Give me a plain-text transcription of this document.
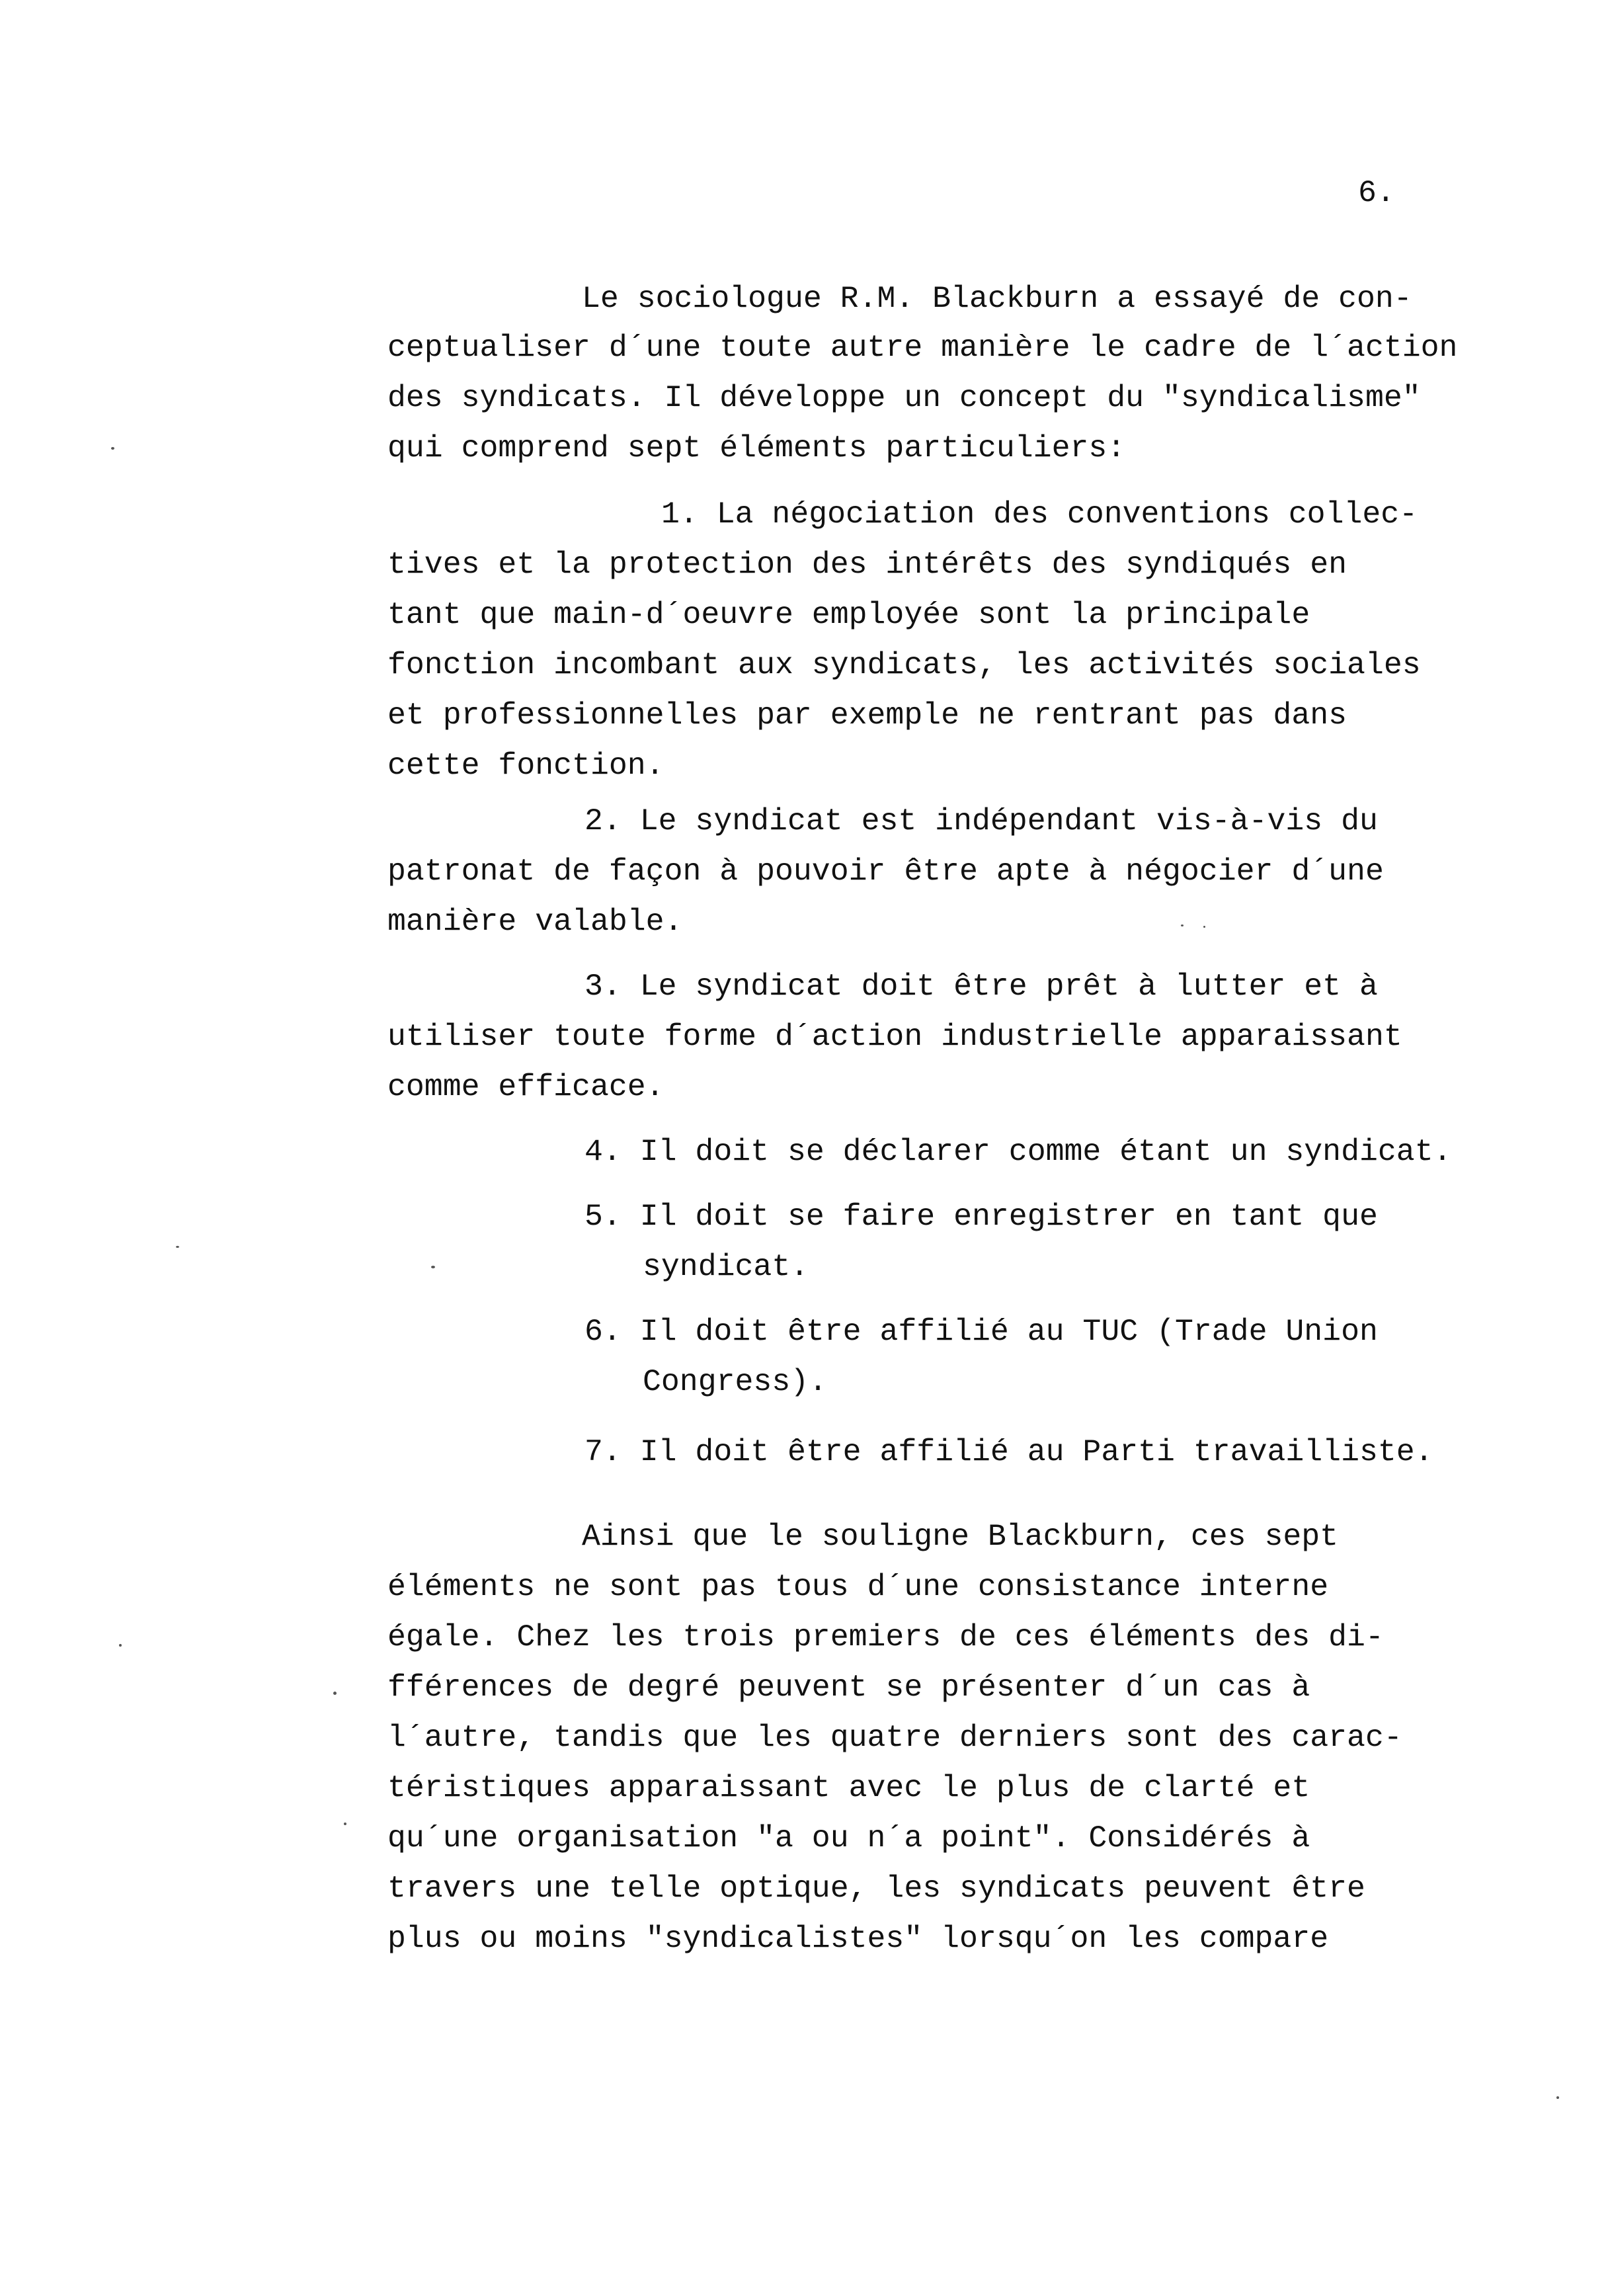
6.
Le sociologue R.M. Blackburn a essayé de con-
ceptualiser d´une toute autre manière le cadre de l´action
des syndicats. Il développe un concept du "syndicalisme"
qui comprend sept éléments particuliers:
1. La négociation des conventions collec-
tives et la protection des intérêts des syndiqués en
tant que main-d´oeuvre employée sont la principale
fonction incombant aux syndicats, les activités sociales
et professionnelles par exemple ne rentrant pas dans
cette fonction.
2. Le syndicat est indépendant vis-à-vis du
patronat de façon à pouvoir être apte à négocier d´une
manière valable.
3. Le syndicat doit être prêt à lutter et à
utiliser toute forme d´action industrielle apparaissant
comme efficace.
4. Il doit se déclarer comme étant un syndicat.
5. Il doit se faire enregistrer en tant que
syndicat.
6. Il doit être affilié au TUC (Trade Union
Congress).
7. Il doit être affilié au Parti travailliste.
Ainsi que le souligne Blackburn, ces sept
éléments ne sont pas tous d´une consistance interne
égale. Chez les trois premiers de ces éléments des di-
fférences de degré peuvent se présenter d´un cas à
l´autre, tandis que les quatre derniers sont des carac-
téristiques apparaissant avec le plus de clarté et
qu´une organisation "a ou n´a point". Considérés à
travers une telle optique, les syndicats peuvent être
plus ou moins "syndicalistes" lorsqu´on les compare
